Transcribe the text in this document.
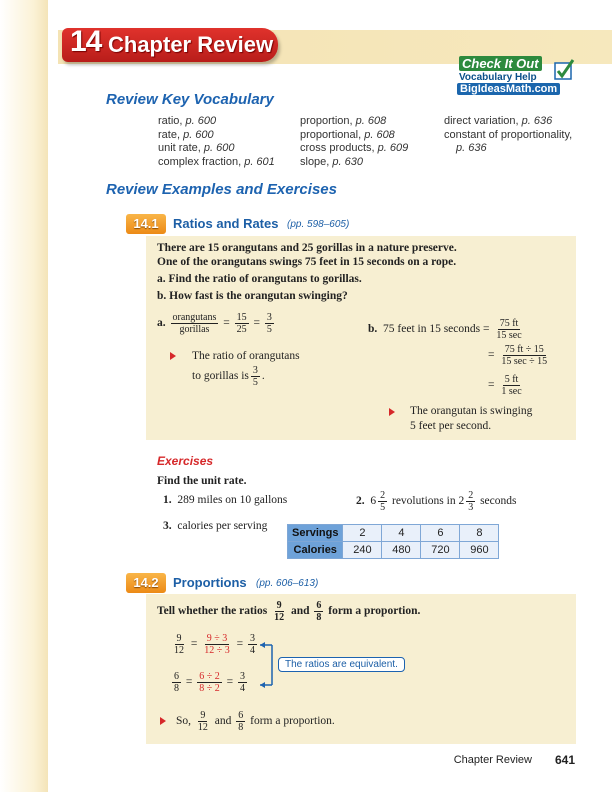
14 Chapter Review
Check It Out
Vocabulary Help
BigIdeasMath.com
Review Key Vocabulary
ratio, p. 600
rate, p. 600
unit rate, p. 600
complex fraction, p. 601
proportion, p. 608
proportional, p. 608
cross products, p. 609
slope, p. 630
direct variation, p. 636
constant of proportionality,
p. 636
Review Examples and Exercises
14.1	Ratios and Rates (pp. 598–605)
There are 15 orangutans and 25 gorillas in a nature preserve.
One of the orangutans swings 75 feet in 15 seconds on a rope.
a. Find the ratio of orangutans to gorillas.
b. How fast is the orangutan swinging?
a. $\frac{\text{orangutans}}{\text{gorillas}} = \frac{15}{25} = \frac{3}{5}$
The ratio of orangutans
to gorillas is $\frac{3}{5}$ .
b. 75 feet in 15 seconds = $\frac{75 ft}{15 \sec}$
= $\frac{75 ft \div 15}{15 \sec \div 15}$
= $\frac{5 ft}{1 \sec}$
The orangutan is swinging
5 feet per second.
Exercises
Find the unit rate.
1. 289 miles on 10 gallons	2. $6 \frac{2}{5}$ revolutions in $2 \frac{2}{3}$ seconds
3. calories per serving
Servings	2	4	6	8
Calories	240	480	720	960
14.2	Proportions (pp. 606–613)
Tell whether the ratios $\frac{9}{12}$ and $\frac{6}{8}$ form a proportion.
$\frac{9}{12} = \frac{9 \div 3}{12 \div 3} = \frac{3}{4}$
$\frac{6}{8} = \frac{6 \div 2}{8 \div 2} = \frac{3}{4}$
The ratios are equivalent.
So, $\frac{9}{12}$ and $\frac{6}{8}$ form a proportion.
Chapter Review 641
